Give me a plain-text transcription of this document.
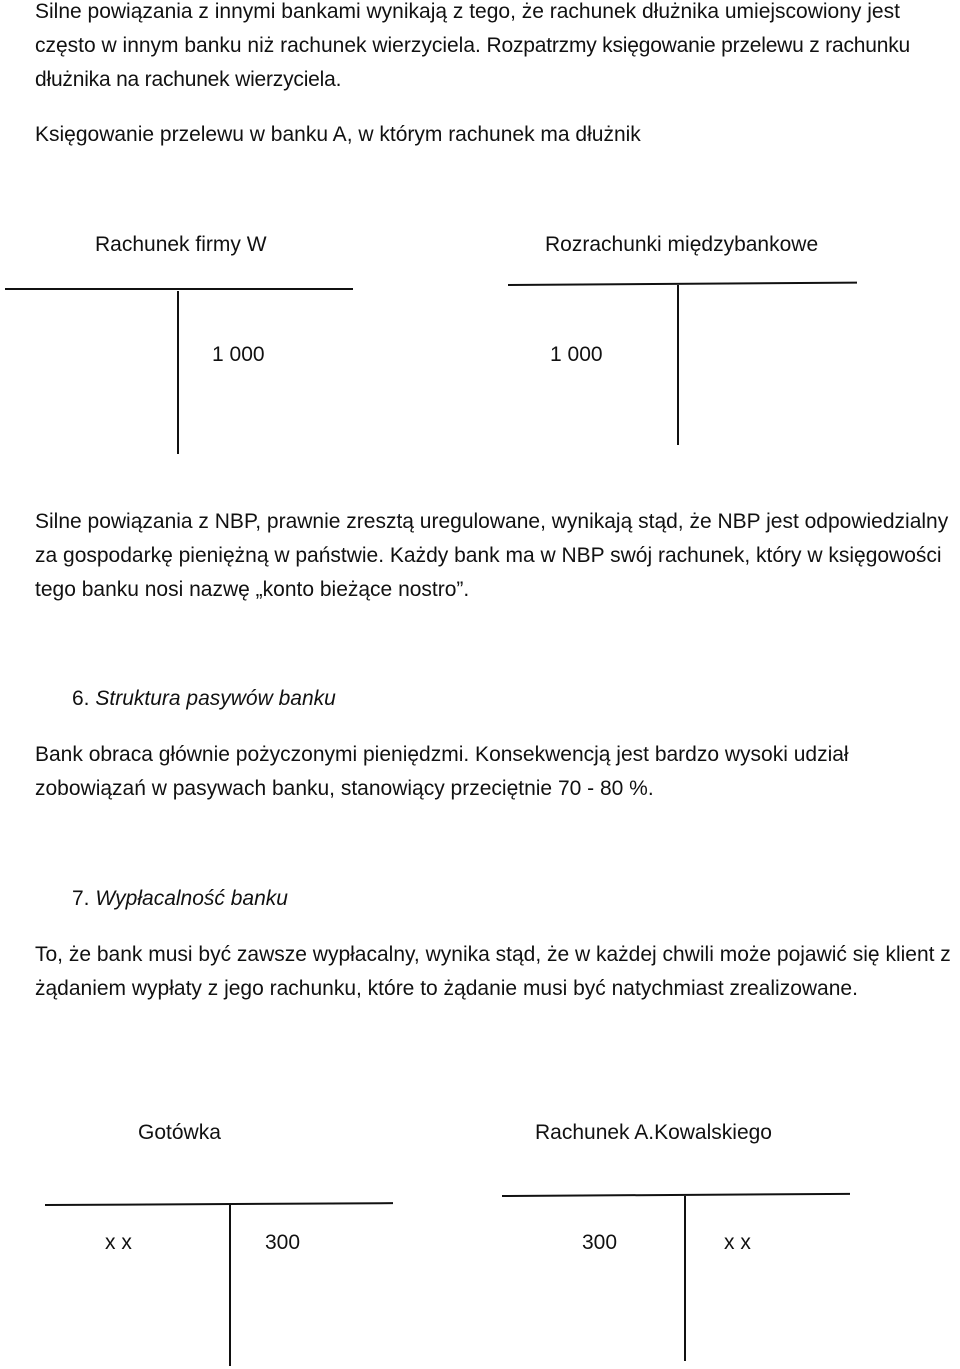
Silne powiązania z innymi bankami wynikają z tego, że rachunek dłużnika umiejscowiony jest często w innym banku niż rachunek wierzyciela. Rozpatrzmy księgowanie przelewu z rachunku dłużnika na rachunek wierzyciela.

Księgowanie przelewu w banku A, w którym rachunek ma dłużnik

Rachunek firmy W
1 000
Rozrachunki międzybankowe
1 000

Silne powiązania z NBP, prawnie zresztą uregulowane, wynikają stąd, że NBP jest odpowiedzialny za gospodarkę pieniężną w państwie. Każdy bank ma w NBP swój rachunek, który w księgowości tego banku nosi nazwę „konto bieżące nostro”.

6. Struktura pasywów banku

Bank obraca głównie pożyczonymi pieniędzmi. Konsekwencją jest bardzo wysoki udział zobowiązań w pasywach banku, stanowiący przeciętnie 70 - 80 %.

7. Wypłacalność banku

To, że bank musi być zawsze wypłacalny, wynika stąd, że w każdej chwili może pojawić się klient z żądaniem wypłaty z jego rachunku, które to żądanie musi być natychmiast zrealizowane.

Gotówka
x x	300
Rachunek A.Kowalskiego
300	x x
